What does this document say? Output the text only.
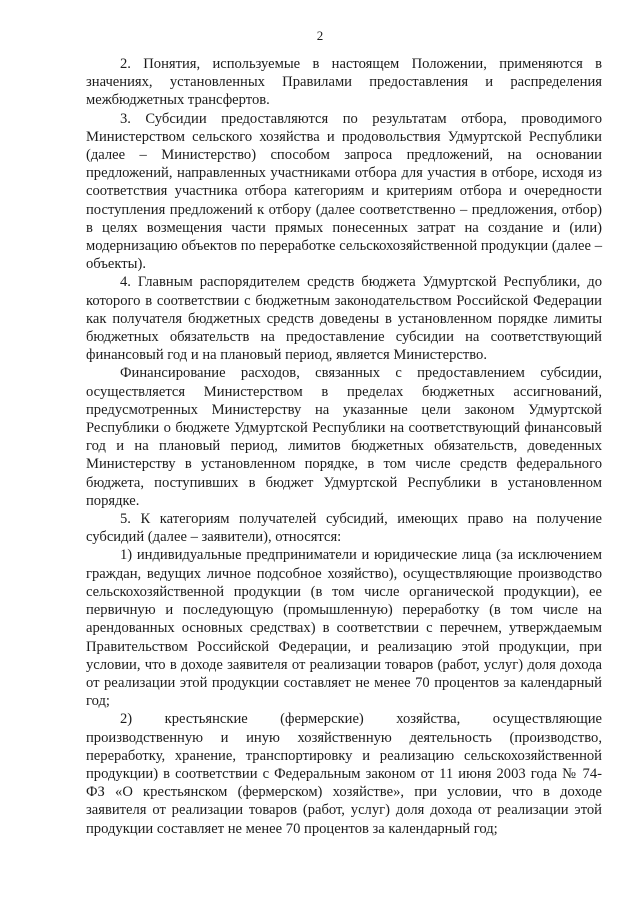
2

2. Понятия, используемые в настоящем Положении, применяются в значениях, установленных Правилами предоставления и распределения межбюджетных трансфертов.

3. Субсидии предоставляются по результатам отбора, проводимого Министерством сельского хозяйства и продовольствия Удмуртской Республики (далее – Министерство) способом запроса предложений, на основании предложений, направленных участниками отбора для участия в отборе, исходя из соответствия участника отбора категориям и критериям отбора и очередности поступления предложений к отбору (далее соответственно – предложения, отбор) в целях возмещения части прямых понесенных затрат на создание и (или) модернизацию объектов по переработке сельскохозяйственной продукции (далее – объекты).

4. Главным распорядителем средств бюджета Удмуртской Республики, до которого в соответствии с бюджетным законодательством Российской Федерации как получателя бюджетных средств доведены в установленном порядке лимиты бюджетных обязательств на предоставление субсидии на соответствующий финансовый год и на плановый период, является Министерство.

Финансирование расходов, связанных с предоставлением субсидии, осуществляется Министерством в пределах бюджетных ассигнований, предусмотренных Министерству на указанные цели законом Удмуртской Республики о бюджете Удмуртской Республики на соответствующий финансовый год и на плановый период, лимитов бюджетных обязательств, доведенных Министерству в установленном порядке, в том числе средств федерального бюджета, поступивших в бюджет Удмуртской Республики в установленном порядке.

5. К категориям получателей субсидий, имеющих право на получение субсидий (далее – заявители), относятся:

1) индивидуальные предприниматели и юридические лица (за исключением граждан, ведущих личное подсобное хозяйство), осуществляющие производство сельскохозяйственной продукции (в том числе органической продукции), ее первичную и последующую (промышленную) переработку (в том числе на арендованных основных средствах) в соответствии с перечнем, утверждаемым Правительством Российской Федерации, и реализацию этой продукции, при условии, что в доходе заявителя от реализации товаров (работ, услуг) доля дохода от реализации этой продукции составляет не менее 70 процентов за календарный год;

2) крестьянские (фермерские) хозяйства, осуществляющие производственную и иную хозяйственную деятельность (производство, переработку, хранение, транспортировку и реализацию сельскохозяйственной продукции) в соответствии с Федеральным законом от 11 июня 2003 года № 74-ФЗ «О крестьянском (фермерском) хозяйстве», при условии, что в доходе заявителя от реализации товаров (работ, услуг) доля дохода от реализации этой продукции составляет не менее 70 процентов за календарный год;
